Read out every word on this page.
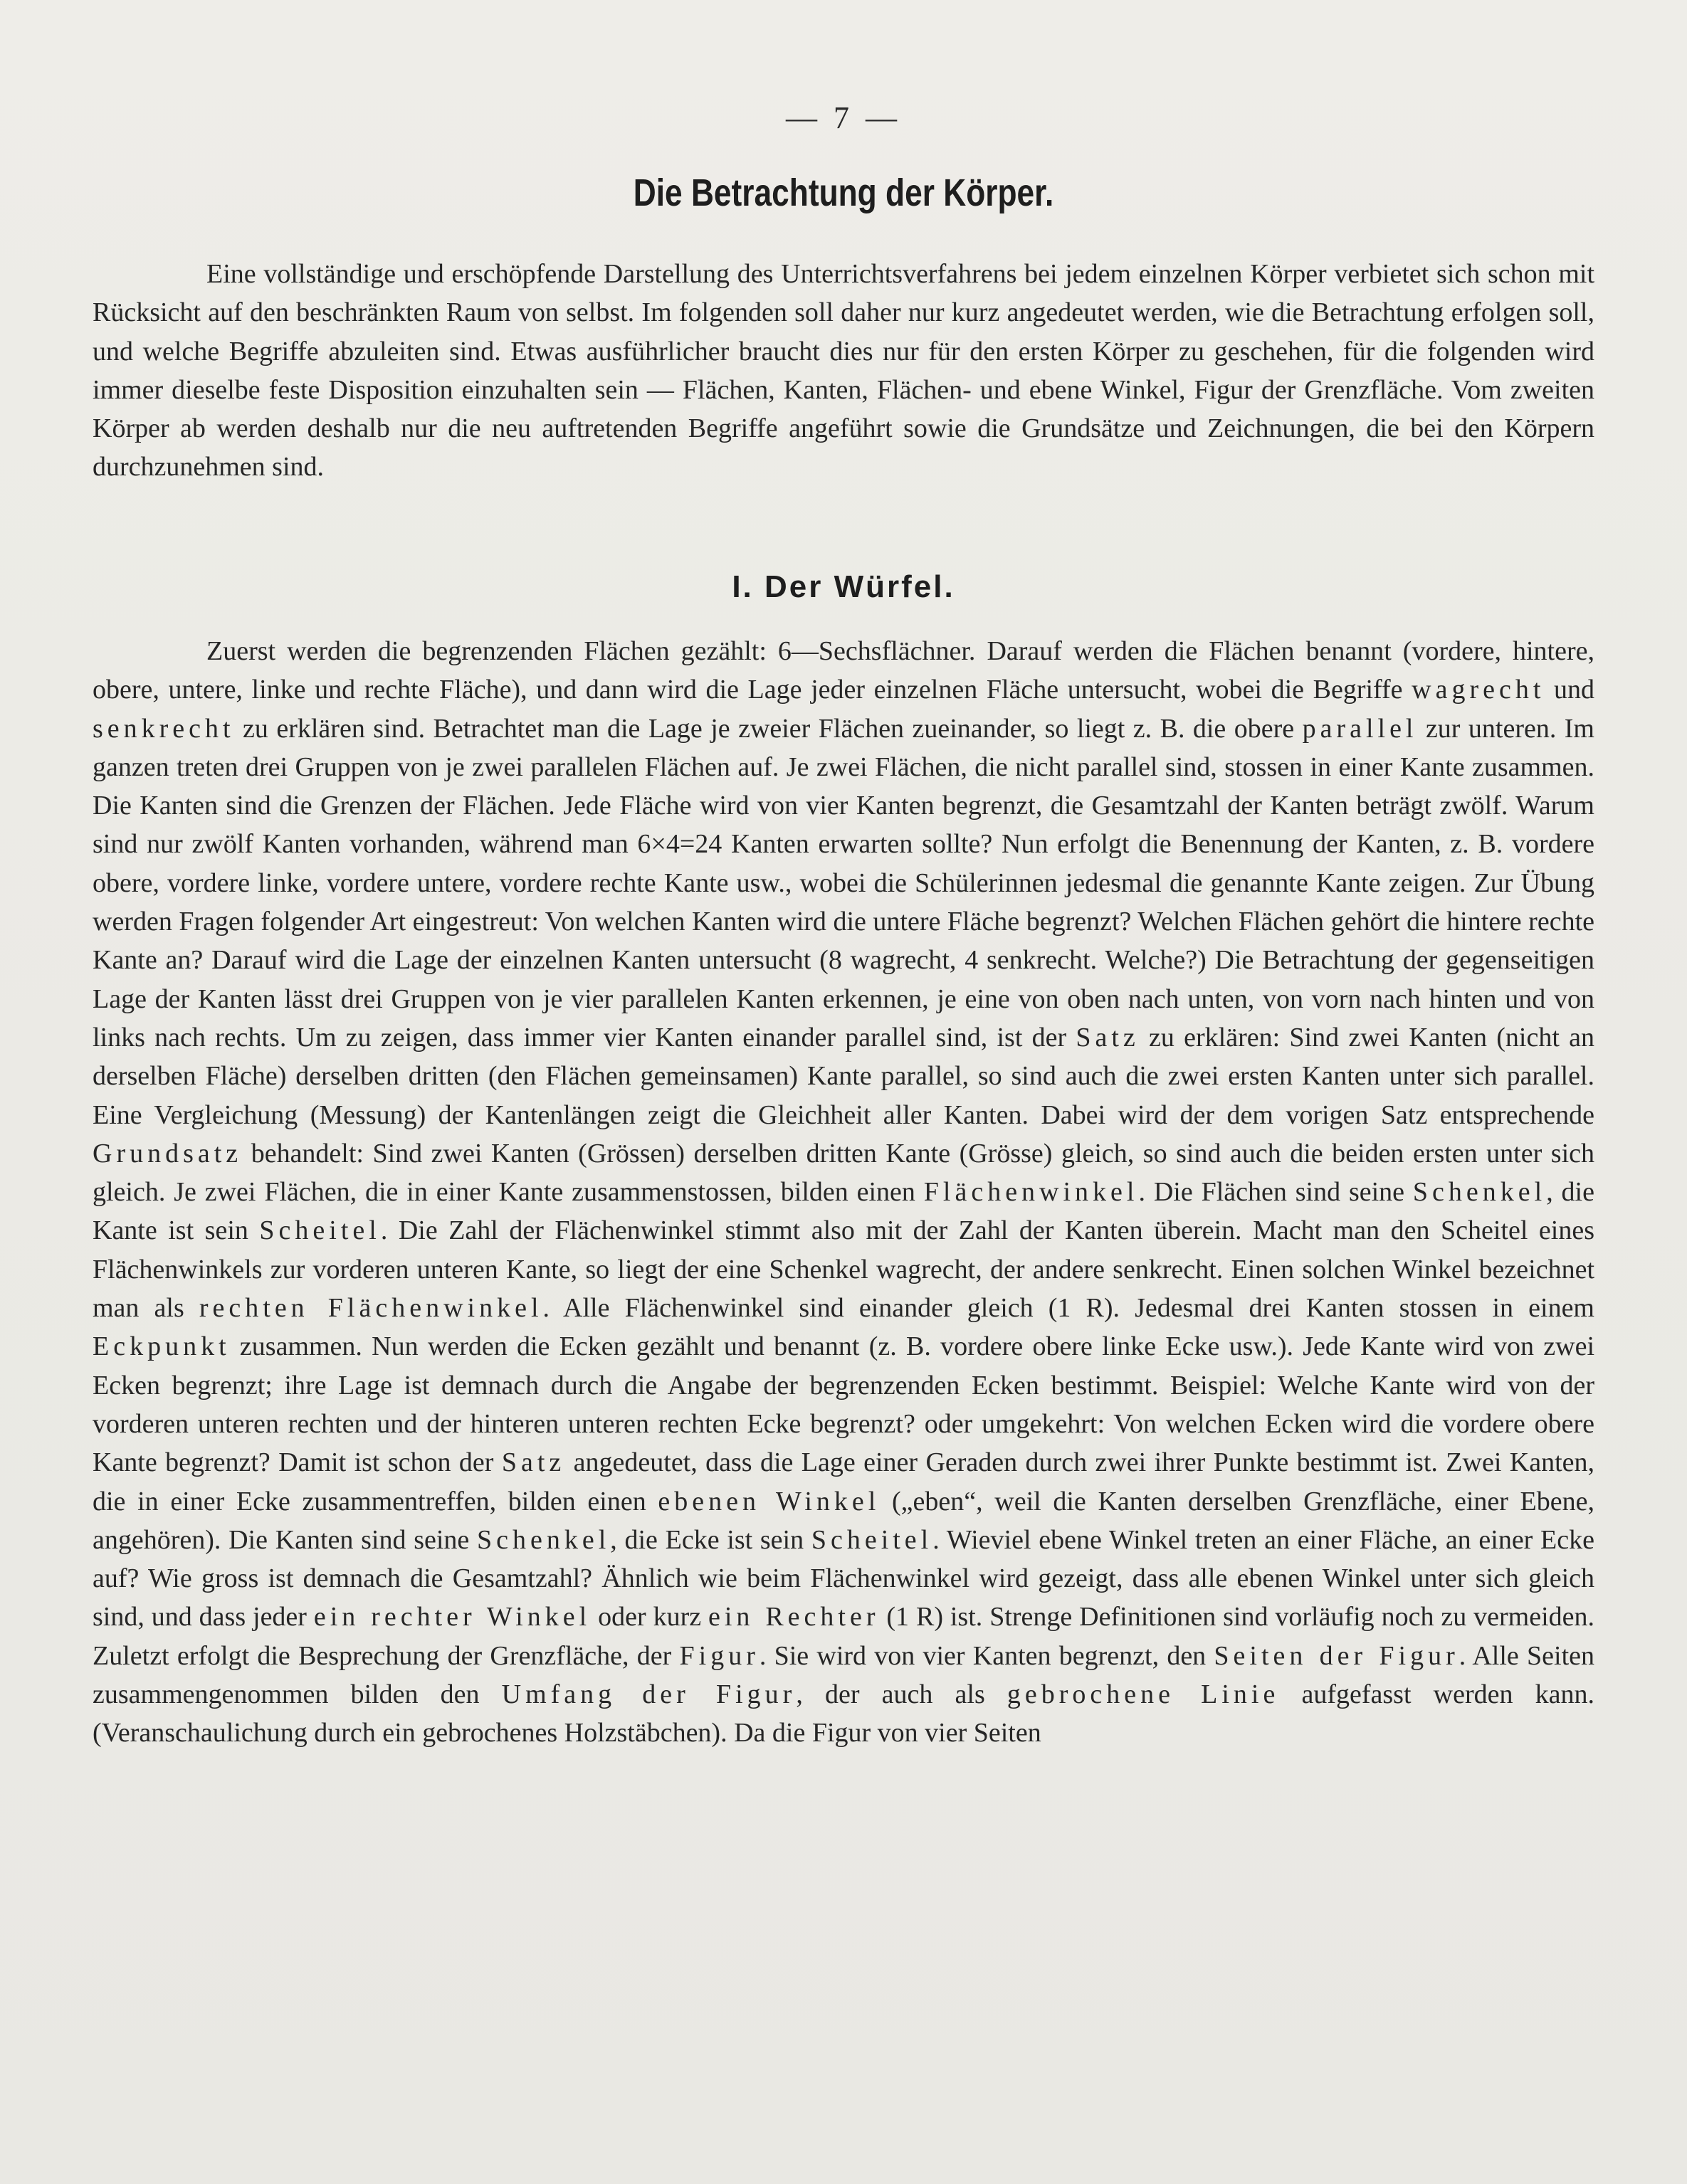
— 7 —
Die Betrachtung der Körper.

Eine vollständige und erschöpfende Darstellung des Unterrichtsverfahrens bei jedem einzelnen Körper verbietet sich schon mit Rücksicht auf den beschränkten Raum von selbst. Im folgenden soll daher nur kurz angedeutet werden, wie die Betrachtung erfolgen soll, und welche Begriffe abzuleiten sind. Etwas ausführlicher braucht dies nur für den ersten Körper zu geschehen, für die folgenden wird immer dieselbe feste Disposition einzuhalten sein — Flächen, Kanten, Flächen- und ebene Winkel, Figur der Grenzfläche. Vom zweiten Körper ab werden deshalb nur die neu auftretenden Begriffe angeführt sowie die Grundsätze und Zeichnungen, die bei den Körpern durchzunehmen sind.

I. Der Würfel.

Zuerst werden die begrenzenden Flächen gezählt: 6—Sechsflächner. Darauf werden die Flächen benannt (vordere, hintere, obere, untere, linke und rechte Fläche), und dann wird die Lage jeder einzelnen Fläche untersucht, wobei die Begriffe wagrecht und senkrecht zu erklären sind. Betrachtet man die Lage je zweier Flächen zueinander, so liegt z. B. die obere parallel zur unteren. Im ganzen treten drei Gruppen von je zwei parallelen Flächen auf. Je zwei Flächen, die nicht parallel sind, stossen in einer Kante zusammen. Die Kanten sind die Grenzen der Flächen. Jede Fläche wird von vier Kanten begrenzt, die Gesamtzahl der Kanten beträgt zwölf. Warum sind nur zwölf Kanten vorhanden, während man 6×4=24 Kanten erwarten sollte? Nun erfolgt die Benennung der Kanten, z. B. vordere obere, vordere linke, vordere untere, vordere rechte Kante usw., wobei die Schülerinnen jedesmal die genannte Kante zeigen. Zur Übung werden Fragen folgender Art eingestreut: Von welchen Kanten wird die untere Fläche begrenzt? Welchen Flächen gehört die hintere rechte Kante an? Darauf wird die Lage der einzelnen Kanten untersucht (8 wagrecht, 4 senkrecht. Welche?) Die Betrachtung der gegenseitigen Lage der Kanten lässt drei Gruppen von je vier parallelen Kanten erkennen, je eine von oben nach unten, von vorn nach hinten und von links nach rechts. Um zu zeigen, dass immer vier Kanten einander parallel sind, ist der Satz zu erklären: Sind zwei Kanten (nicht an derselben Fläche) derselben dritten (den Flächen gemeinsamen) Kante parallel, so sind auch die zwei ersten Kanten unter sich parallel. Eine Vergleichung (Messung) der Kantenlängen zeigt die Gleichheit aller Kanten. Dabei wird der dem vorigen Satz entsprechende Grundsatz behandelt: Sind zwei Kanten (Grössen) derselben dritten Kante (Grösse) gleich, so sind auch die beiden ersten unter sich gleich. Je zwei Flächen, die in einer Kante zusammenstossen, bilden einen Flächenwinkel. Die Flächen sind seine Schenkel, die Kante ist sein Scheitel. Die Zahl der Flächenwinkel stimmt also mit der Zahl der Kanten überein. Macht man den Scheitel eines Flächenwinkels zur vorderen unteren Kante, so liegt der eine Schenkel wagrecht, der andere senkrecht. Einen solchen Winkel bezeichnet man als rechten Flächenwinkel. Alle Flächenwinkel sind einander gleich (1 R). Jedesmal drei Kanten stossen in einem Eckpunkt zusammen. Nun werden die Ecken gezählt und benannt (z. B. vordere obere linke Ecke usw.). Jede Kante wird von zwei Ecken begrenzt; ihre Lage ist demnach durch die Angabe der begrenzenden Ecken bestimmt. Beispiel: Welche Kante wird von der vorderen unteren rechten und der hinteren unteren rechten Ecke begrenzt? oder umgekehrt: Von welchen Ecken wird die vordere obere Kante begrenzt? Damit ist schon der Satz angedeutet, dass die Lage einer Geraden durch zwei ihrer Punkte bestimmt ist. Zwei Kanten, die in einer Ecke zusammentreffen, bilden einen ebenen Winkel („eben“, weil die Kanten derselben Grenzfläche, einer Ebene, angehören). Die Kanten sind seine Schenkel, die Ecke ist sein Scheitel. Wieviel ebene Winkel treten an einer Fläche, an einer Ecke auf? Wie gross ist demnach die Gesamtzahl? Ähnlich wie beim Flächenwinkel wird gezeigt, dass alle ebenen Winkel unter sich gleich sind, und dass jeder ein rechter Winkel oder kurz ein Rechter (1 R) ist. Strenge Definitionen sind vorläufig noch zu vermeiden. Zuletzt erfolgt die Besprechung der Grenzfläche, der Figur. Sie wird von vier Kanten begrenzt, den Seiten der Figur. Alle Seiten zusammengenommen bilden den Umfang der Figur, der auch als gebrochene Linie aufgefasst werden kann. (Veranschaulichung durch ein gebrochenes Holzstäbchen). Da die Figur von vier Seiten
